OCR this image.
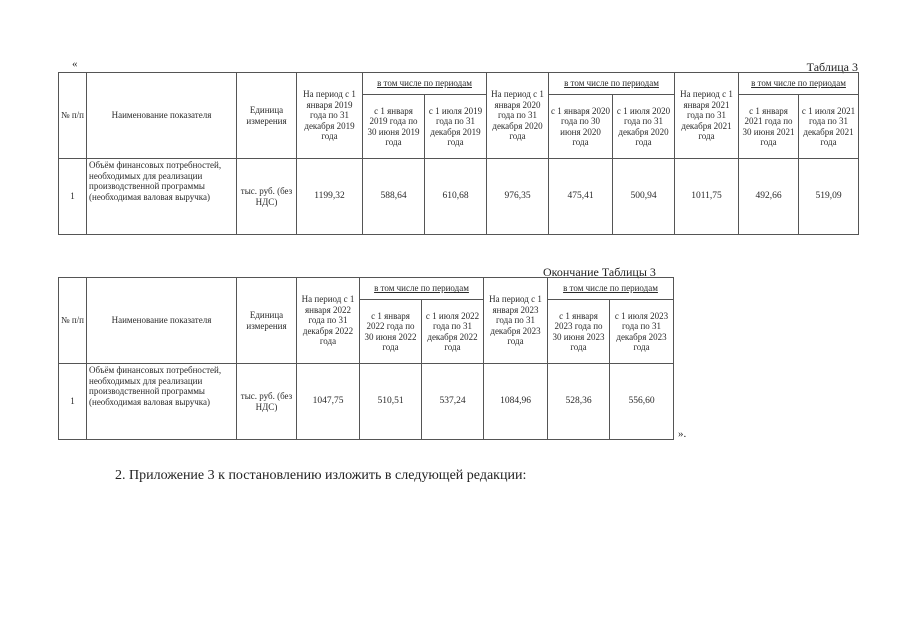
«	Таблица 3
№ п/п	Наименование показателя	Единица измерения	На период с 1 января 2019 года по 31 декабря 2019 года	в том числе по периодам		На период с 1 января 2020 года по 31 декабря 2020 года	в том числе по периодам		На период с 1 января 2021 года по 31 декабря 2021 года	в том числе по периодам	
				с 1 января 2019 года по 30 июня 2019 года	с 1 июля 2019 года по 31 декабря 2019 года		с 1 января 2020 года по 30 июня 2020 года	с 1 июля 2020 года по 31 декабря 2020 года		с 1 января 2021 года по 30 июня 2021 года	с 1 июля 2021 года по 31 декабря 2021 года
1	Объём финансовых потребностей, необходимых для реализации производственной программы (необходимая валовая выручка)	тыс. руб. (без НДС)	1199,32	588,64	610,68	976,35	475,41	500,94	1011,75	492,66	519,09
Окончание Таблицы 3
№ п/п	Наименование показателя	Единица измерения	На период с 1 января 2022 года по 31 декабря 2022 года	в том числе по периодам		На период с 1 января 2023 года по 31 декабря 2023 года	в том числе по периодам	
				с 1 января 2022 года по 30 июня 2022 года	с 1 июля 2022 года по 31 декабря 2022 года		с 1 января 2023 года по 30 июня 2023 года	с 1 июля 2023 года по 31 декабря 2023 года
1	Объём финансовых потребностей, необходимых для реализации производственной программы (необходимая валовая выручка)	тыс. руб. (без НДС)	1047,75	510,51	537,24	1084,96	528,36	556,60
».
2. Приложение 3 к постановлению изложить в следующей редакции:
